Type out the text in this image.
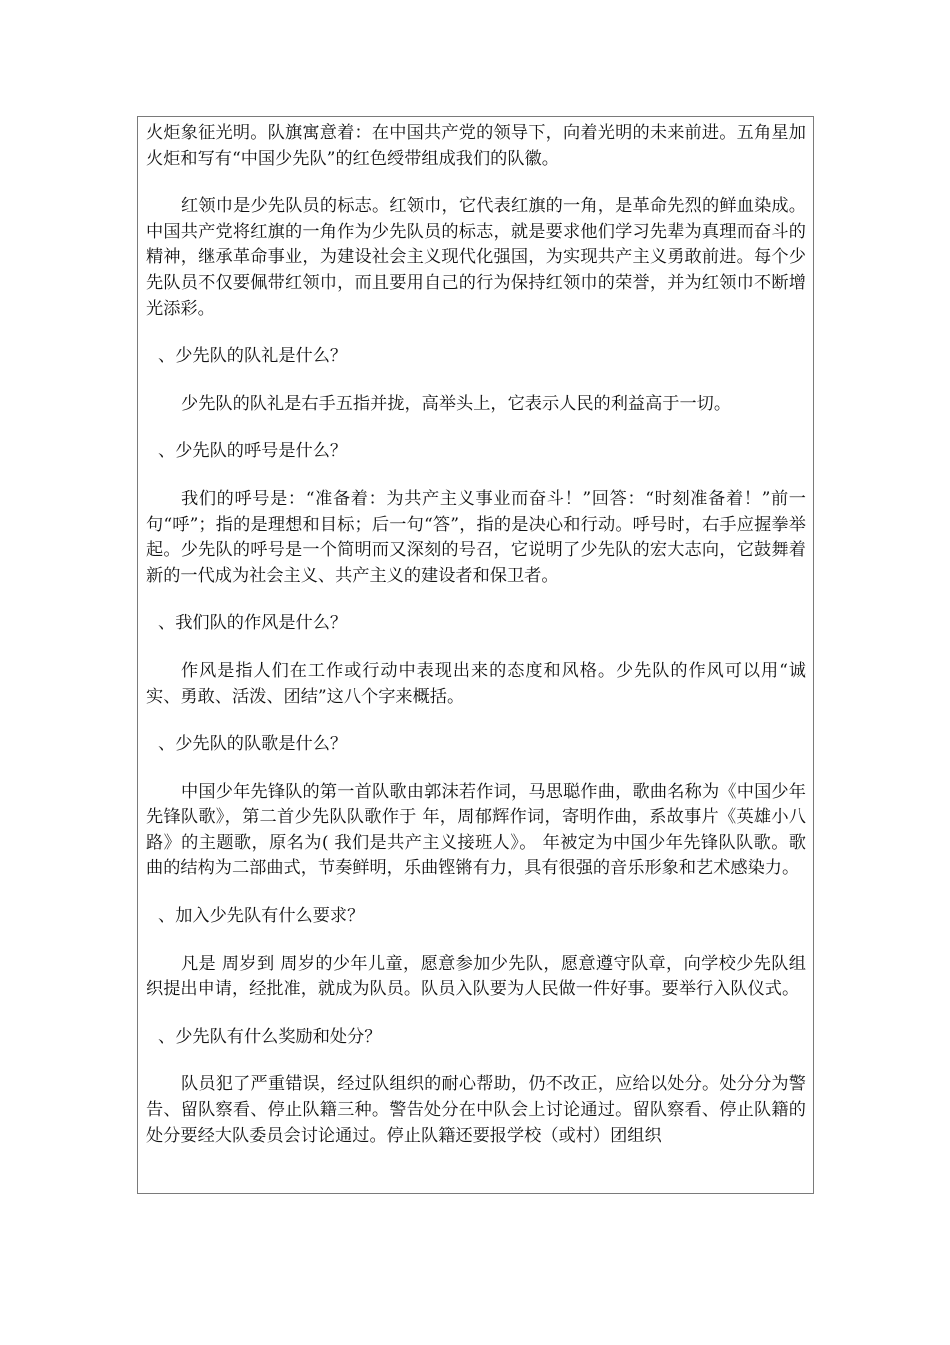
火炬象征光明。队旗寓意着：在中国共产党的领导下，向着光明的未来前进。五角星加火炬和写有“中国少先队”的红色绶带组成我们的队徽。

红领巾是少先队员的标志。红领巾，它代表红旗的一角，是革命先烈的鲜血染成。中国共产党将红旗的一角作为少先队员的标志，就是要求他们学习先辈为真理而奋斗的精神，继承革命事业，为建设社会主义现代化强国，为实现共产主义勇敢前进。每个少先队员不仅要佩带红领巾，而且要用自己的行为保持红领巾的荣誉，并为红领巾不断增光添彩。

、少先队的队礼是什么？

少先队的队礼是右手五指并拢，高举头上，它表示人民的利益高于一切。

、少先队的呼号是什么？

我们的呼号是：“准备着：为共产主义事业而奋斗！”回答：“时刻准备着！”前一句“呼”；指的是理想和目标；后一句“答”，指的是决心和行动。呼号时，右手应握拳举起。少先队的呼号是一个简明而又深刻的号召，它说明了少先队的宏大志向，它鼓舞着新的一代成为社会主义、共产主义的建设者和保卫者。

、我们队的作风是什么？

作风是指人们在工作或行动中表现出来的态度和风格。少先队的作风可以用“诚实、勇敢、活泼、团结”这八个字来概括。

、少先队的队歌是什么？

中国少年先锋队的第一首队歌由郭沫若作词，马思聪作曲，歌曲名称为《中国少年先锋队歌》，第二首少先队队歌作于 年，周郁辉作词，寄明作曲，系故事片《英雄小八路》的主题歌，原名为( 我们是共产主义接班人》。 年被定为中国少年先锋队队歌。歌曲的结构为二部曲式，节奏鲜明，乐曲铿锵有力，具有很强的音乐形象和艺术感染力。

、加入少先队有什么要求？

凡是 周岁到 周岁的少年儿童，愿意参加少先队，愿意遵守队章，向学校少先队组织提出申请，经批准，就成为队员。队员入队要为人民做一件好事。要举行入队仪式。

、少先队有什么奖励和处分？

队员犯了严重错误，经过队组织的耐心帮助，仍不改正，应给以处分。处分分为警告、留队察看、停止队籍三种。警告处分在中队会上讨论通过。留队察看、停止队籍的处分要经大队委员会讨论通过。停止队籍还要报学校（或村）团组织
